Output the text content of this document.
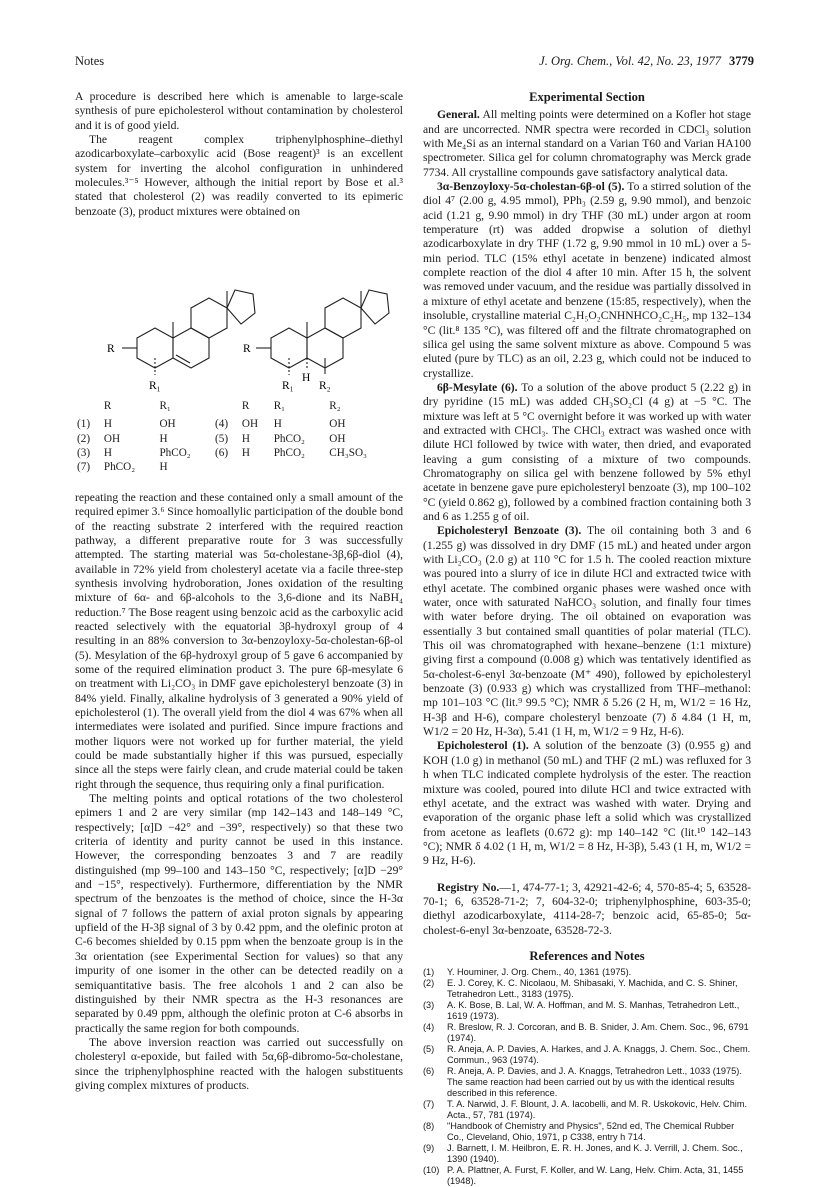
Notes	J. Org. Chem., Vol. 42, No. 23, 1977 3779

A procedure is described here which is amenable to large-scale synthesis of pure epicholesterol without contamination by cholesterol and it is of good yield.

The reagent complex triphenylphosphine–diethyl azodicarboxylate–carboxylic acid (Bose reagent)³ is an excellent system for inverting the alcohol configuration in unhindered molecules.³⁻⁵ However, although the initial report by Bose et al.³ stated that cholesterol (2) was readily converted to its epimeric benzoate (3), product mixtures were obtained on

R
R₁
R
R₁
H
R₂
	R	R₁		R	R₁	R₂
(1)	H	OH	(4)	OH	H	OH
(2)	OH	H	(5)	H	PhCO₂	OH
(3)	H	PhCO₂	(6)	H	PhCO₂	CH₃SO₃
(7)	PhCO₂	H				

repeating the reaction and these contained only a small amount of the required epimer 3.⁶ Since homoallylic participation of the double bond of the reacting substrate 2 interfered with the required reaction pathway, a different preparative route for 3 was successfully attempted. The starting material was 5α-cholestane-3β,6β-diol (4), available in 72% yield from cholesteryl acetate via a facile three-step synthesis involving hydroboration, Jones oxidation of the resulting mixture of 6α- and 6β-alcohols to the 3,6-dione and its NaBH₄ reduction.⁷ The Bose reagent using benzoic acid as the carboxylic acid reacted selectively with the equatorial 3β-hydroxyl group of 4 resulting in an 88% conversion to 3α-benzoyloxy-5α-cholestan-6β-ol (5). Mesylation of the 6β-hydroxyl group of 5 gave 6 accompanied by some of the required elimination product 3. The pure 6β-mesylate 6 on treatment with Li₂CO₃ in DMF gave epicholesteryl benzoate (3) in 84% yield. Finally, alkaline hydrolysis of 3 generated a 90% yield of epicholesterol (1). The overall yield from the diol 4 was 67% when all intermediates were isolated and purified. Since impure fractions and mother liquors were not worked up for further material, the yield could be made substantially higher if this was pursued, especially since all the steps were fairly clean, and crude material could be taken right through the sequence, thus requiring only a final purification.

The melting points and optical rotations of the two cholesterol epimers 1 and 2 are very similar (mp 142–143 and 148–149 °C, respectively; [α]D −42° and −39°, respectively) so that these two criteria of identity and purity cannot be used in this instance. However, the corresponding benzoates 3 and 7 are readily distinguished (mp 99–100 and 143–150 °C, respectively; [α]D −29° and −15°, respectively). Furthermore, differentiation by the NMR spectrum of the benzoates is the method of choice, since the H-3α signal of 7 follows the pattern of axial proton signals by appearing upfield of the H-3β signal of 3 by 0.42 ppm, and the olefinic proton at C-6 becomes shielded by 0.15 ppm when the benzoate group is in the 3α orientation (see Experimental Section for values) so that any impurity of one isomer in the other can be detected readily on a semiquantitative basis. The free alcohols 1 and 2 can also be distinguished by their NMR spectra as the H-3 resonances are separated by 0.49 ppm, although the olefinic proton at C-6 absorbs in practically the same region for both compounds.

The above inversion reaction was carried out successfully on cholesteryl α-epoxide, but failed with 5α,6β-dibromo-5α-cholestane, since the triphenylphosphine reacted with the halogen substituents giving complex mixtures of products.

Experimental Section

General. All melting points were determined on a Kofler hot stage and are uncorrected. NMR spectra were recorded in CDCl₃ solution with Me₄Si as an internal standard on a Varian T60 and Varian HA100 spectrometer. Silica gel for column chromatography was Merck grade 7734. All crystalline compounds gave satisfactory analytical data.

3α-Benzoyloxy-5α-cholestan-6β-ol (5). To a stirred solution of the diol 4⁷ (2.00 g, 4.95 mmol), PPh₃ (2.59 g, 9.90 mmol), and benzoic acid (1.21 g, 9.90 mmol) in dry THF (30 mL) under argon at room temperature (rt) was added dropwise a solution of diethyl azodicarboxylate in dry THF (1.72 g, 9.90 mmol in 10 mL) over a 5-min period. TLC (15% ethyl acetate in benzene) indicated almost complete reaction of the diol 4 after 10 min. After 15 h, the solvent was removed under vacuum, and the residue was partially dissolved in a mixture of ethyl acetate and benzene (15:85, respectively), when the insoluble, crystalline material C₂H₅O₂CNHNHCO₂C₂H₅, mp 132–134 °C (lit.⁸ 135 °C), was filtered off and the filtrate chromatographed on silica gel using the same solvent mixture as above. Compound 5 was eluted (pure by TLC) as an oil, 2.23 g, which could not be induced to crystallize.

6β-Mesylate (6). To a solution of the above product 5 (2.22 g) in dry pyridine (15 mL) was added CH₃SO₂Cl (4 g) at −5 °C. The mixture was left at 5 °C overnight before it was worked up with water and extracted with CHCl₃. The CHCl₃ extract was washed once with dilute HCl followed by twice with water, then dried, and evaporated leaving a gum consisting of a mixture of two compounds. Chromatography on silica gel with benzene followed by 5% ethyl acetate in benzene gave pure epicholesteryl benzoate (3), mp 100–102 °C (yield 0.862 g), followed by a combined fraction containing both 3 and 6 as 1.255 g of oil.

Epicholesteryl Benzoate (3). The oil containing both 3 and 6 (1.255 g) was dissolved in dry DMF (15 mL) and heated under argon with Li₂CO₃ (2.0 g) at 110 °C for 1.5 h. The cooled reaction mixture was poured into a slurry of ice in dilute HCl and extracted twice with ethyl acetate. The combined organic phases were washed once with water, once with saturated NaHCO₃ solution, and finally four times with water before drying. The oil obtained on evaporation was essentially 3 but contained small quantities of polar material (TLC). This oil was chromatographed with hexane–benzene (1:1 mixture) giving first a compound (0.008 g) which was tentatively identified as 5α-cholest-6-enyl 3α-benzoate (M⁺ 490), followed by epicholesteryl benzoate (3) (0.933 g) which was crystallized from THF–methanol: mp 101–103 °C (lit.⁹ 99.5 °C); NMR δ 5.26 (2 H, m, W1/2 = 16 Hz, H-3β and H-6), compare cholesteryl benzoate (7) δ 4.84 (1 H, m, W1/2 = 20 Hz, H-3α), 5.41 (1 H, m, W1/2 = 9 Hz, H-6).

Epicholesterol (1). A solution of the benzoate (3) (0.955 g) and KOH (1.0 g) in methanol (50 mL) and THF (2 mL) was refluxed for 3 h when TLC indicated complete hydrolysis of the ester. The reaction mixture was cooled, poured into dilute HCl and twice extracted with ethyl acetate, and the extract was washed with water. Drying and evaporation of the organic phase left a solid which was crystallized from acetone as leaflets (0.672 g): mp 140–142 °C (lit.¹⁰ 142–143 °C); NMR δ 4.02 (1 H, m, W1/2 = 8 Hz, H-3β), 5.43 (1 H, m, W1/2 = 9 Hz, H-6).

Registry No.—1, 474-77-1; 3, 42921-42-6; 4, 570-85-4; 5, 63528-70-1; 6, 63528-71-2; 7, 604-32-0; triphenylphosphine, 603-35-0; diethyl azodicarboxylate, 4114-28-7; benzoic acid, 65-85-0; 5α-cholest-6-enyl 3α-benzoate, 63528-72-3.

References and Notes
(1) Y. Houminer, J. Org. Chem., 40, 1361 (1975).
(2) E. J. Corey, K. C. Nicolaou, M. Shibasaki, Y. Machida, and C. S. Shiner, Tetrahedron Lett., 3183 (1975).
(3) A. K. Bose, B. Lal, W. A. Hoffman, and M. S. Manhas, Tetrahedron Lett., 1619 (1973).
(4) R. Breslow, R. J. Corcoran, and B. B. Snider, J. Am. Chem. Soc., 96, 6791 (1974).
(5) R. Aneja, A. P. Davies, A. Harkes, and J. A. Knaggs, J. Chem. Soc., Chem. Commun., 963 (1974).
(6) R. Aneja, A. P. Davies, and J. A. Knaggs, Tetrahedron Lett., 1033 (1975). The same reaction had been carried out by us with the identical results described in this reference.
(7) T. A. Narwid, J. F. Blount, J. A. Iacobelli, and M. R. Uskokovic, Helv. Chim. Acta., 57, 781 (1974).
(8) "Handbook of Chemistry and Physics", 52nd ed, The Chemical Rubber Co., Cleveland, Ohio, 1971, p C338, entry h 714.
(9) J. Barnett, I. M. Heilbron, E. R. H. Jones, and K. J. Verrill, J. Chem. Soc., 1390 (1940).
(10) P. A. Plattner, A. Furst, F. Koller, and W. Lang, Helv. Chim. Acta, 31, 1455 (1948).
